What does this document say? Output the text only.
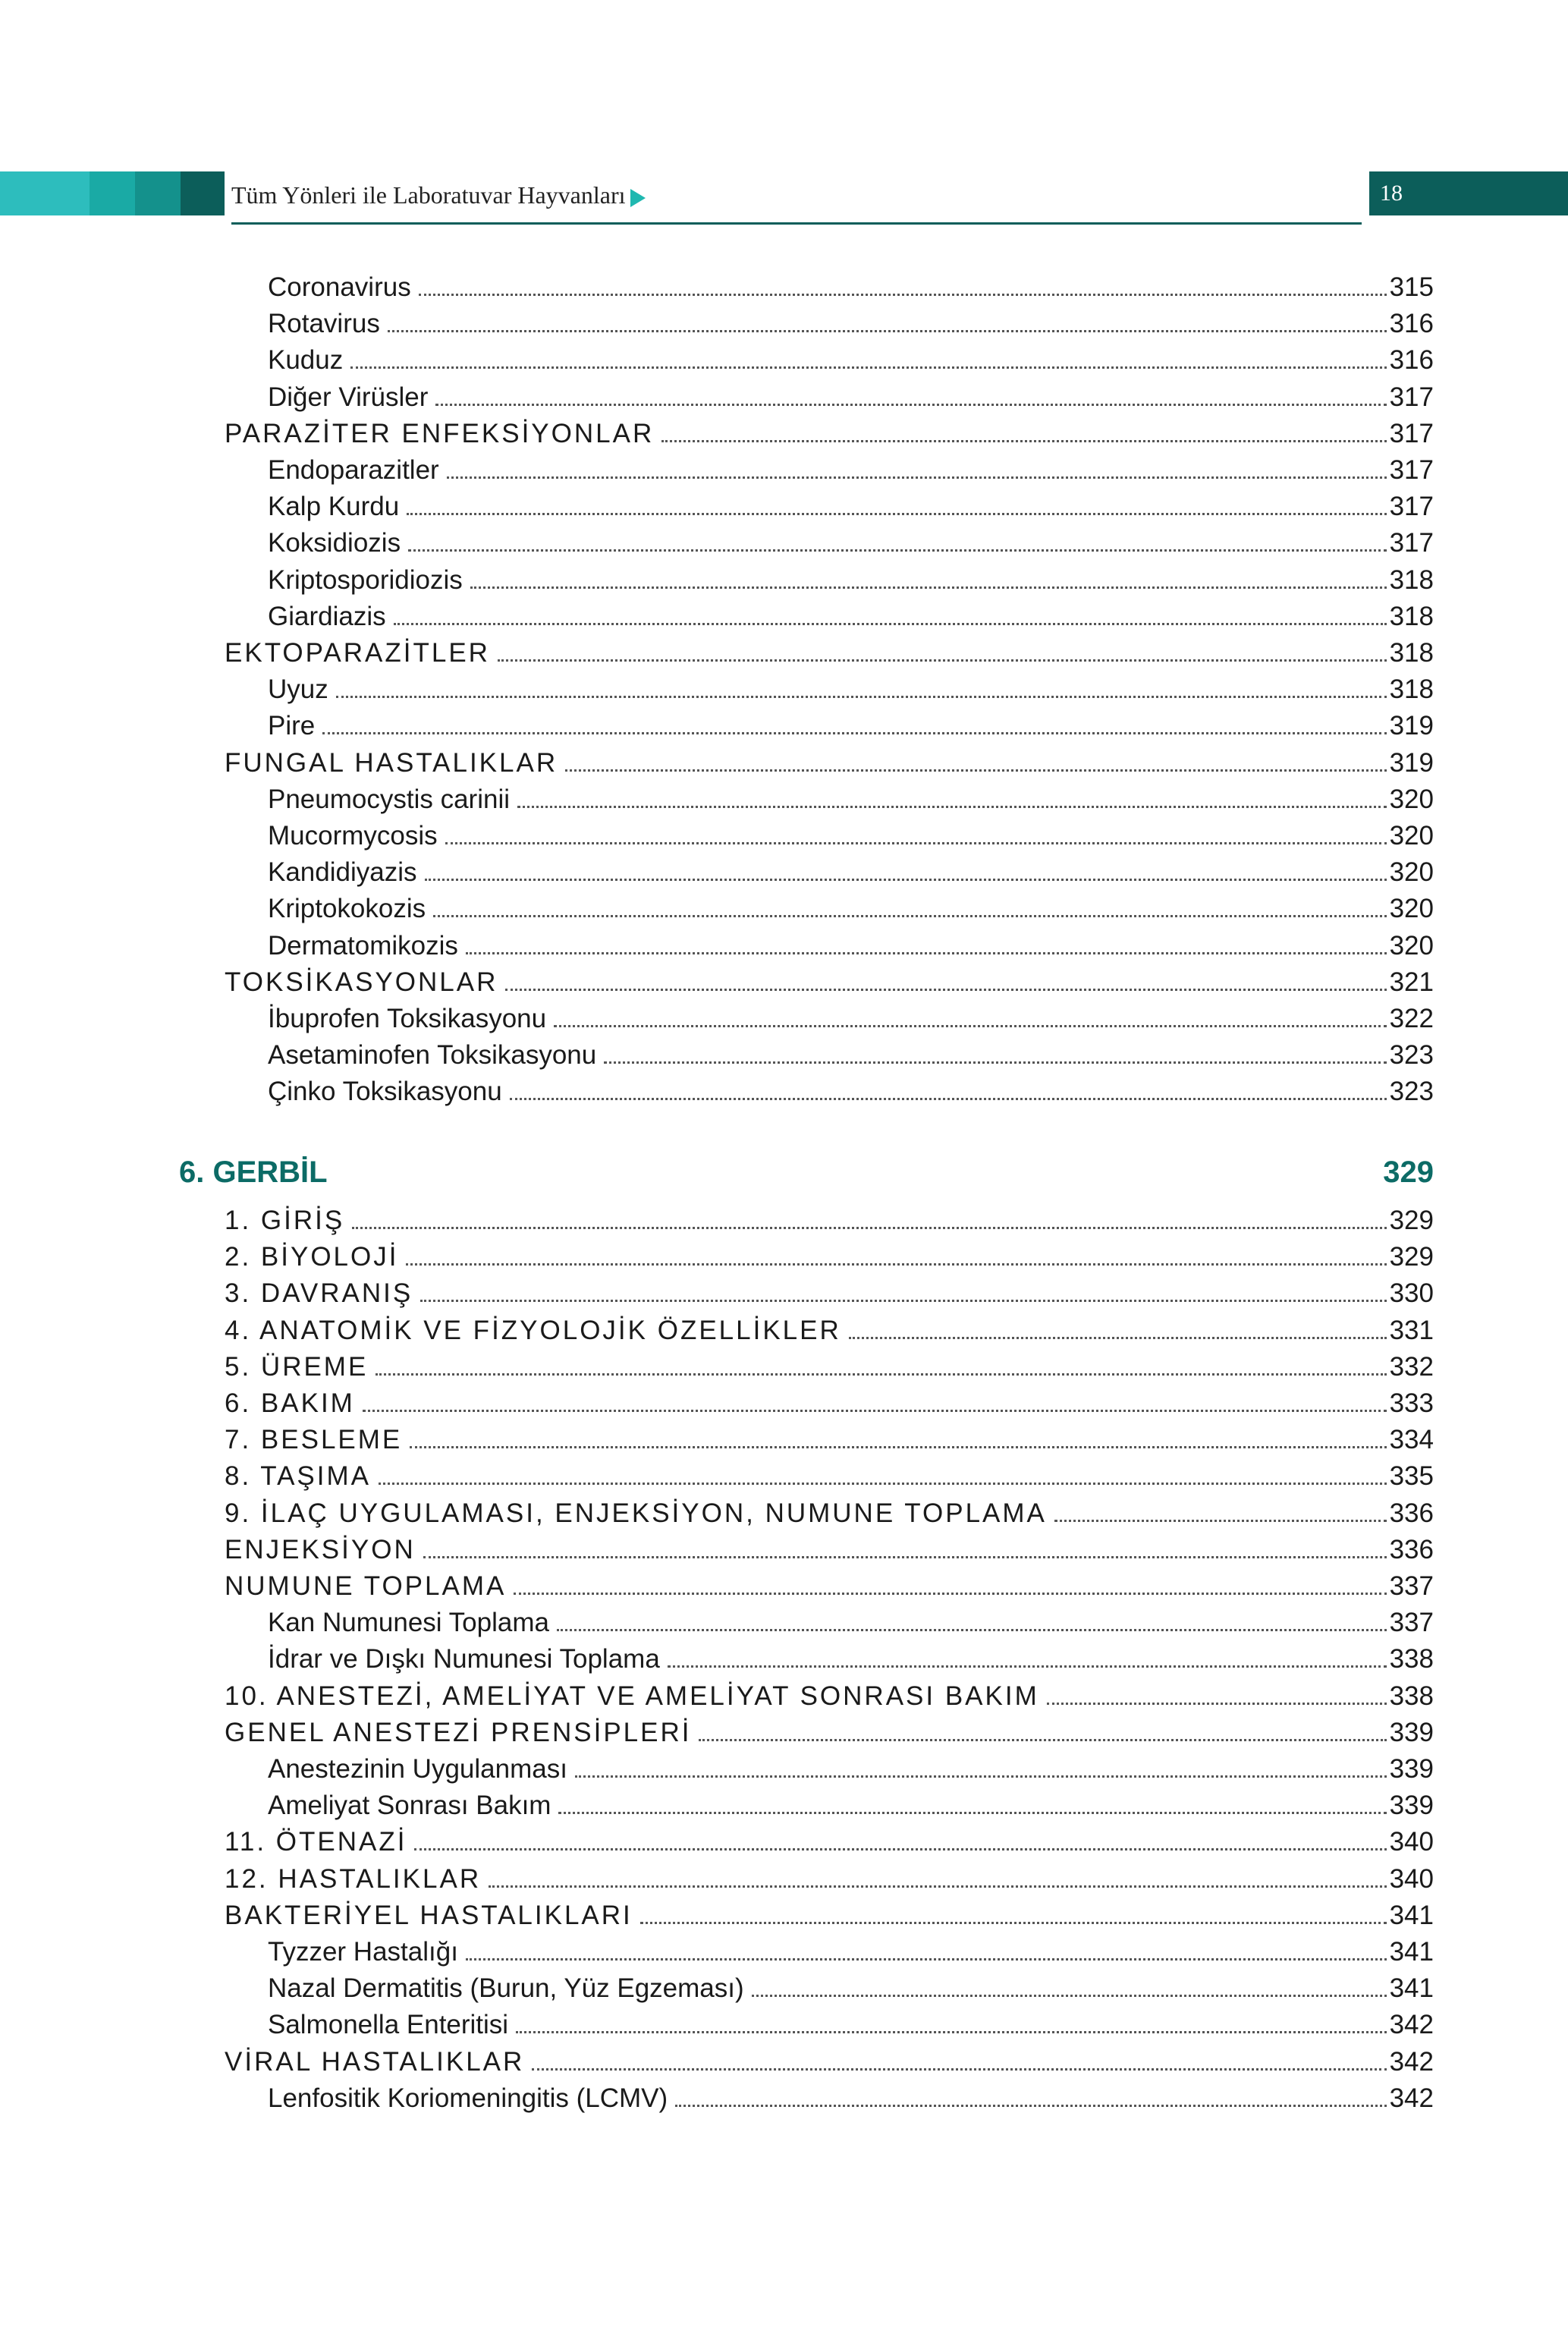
Tüm Yönleri ile Laboratuvar Hayvanları	18
Coronavirus	315
Rotavirus	316
Kuduz	316
Diğer Virüsler	317
PARAZİTER ENFEKSİYONLAR	317
Endoparazitler	317
Kalp Kurdu	317
Koksidiozis	317
Kriptosporidiozis	318
Giardiazis	318
EKTOPARAZİTLER	318
Uyuz	318
Pire	319
FUNGAL HASTALIKLAR	319
Pneumocystis carinii	320
Mucormycosis	320
Kandidiyazis	320
Kriptokokozis	320
Dermatomikozis	320
TOKSİKASYONLAR	321
İbuprofen Toksikasyonu	322
Asetaminofen Toksikasyonu	323
Çinko Toksikasyonu	323
6. GERBİL	329
1. GİRİŞ	329
2. BİYOLOJİ	329
3. DAVRANIŞ	330
4. ANATOMİK VE FİZYOLOJİK ÖZELLİKLER	331
5. ÜREME	332
6. BAKIM	333
7. BESLEME	334
8. TAŞIMA	335
9. İLAÇ UYGULAMASI, ENJEKSİYON, NUMUNE TOPLAMA	336
ENJEKSİYON	336
NUMUNE TOPLAMA	337
Kan Numunesi Toplama	337
İdrar ve Dışkı Numunesi Toplama	338
10. ANESTEZİ, AMELİYAT VE AMELİYAT SONRASI BAKIM	338
GENEL ANESTEZİ PRENSİPLERİ	339
Anestezinin Uygulanması	339
Ameliyat Sonrası Bakım	339
11. ÖTENAZİ	340
12. HASTALIKLAR	340
BAKTERİYEL HASTALIKLARI	341
Tyzzer Hastalığı	341
Nazal Dermatitis (Burun, Yüz Egzeması)	341
Salmonella Enteritisi	342
VİRAL HASTALIKLAR	342
Lenfositik Koriomeningitis (LCMV)	342
